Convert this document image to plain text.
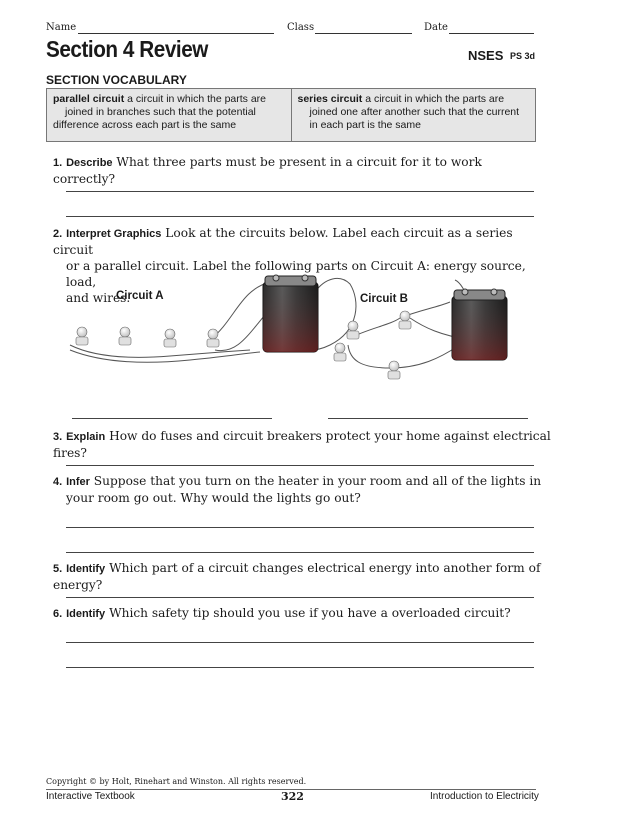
Name	Class	Date
Section 4 Review	NSES PS 3d
SECTION VOCABULARY
parallel circuit a circuit in which the parts are
joined in branches such that the potential
difference across each part is the same
series circuit a circuit in which the parts are
joined one after another such that the current
in each part is the same
1. Describe What three parts must be present in a circuit for it to work correctly?
2. Interpret Graphics Look at the circuits below. Label each circuit as a series circuit
or a parallel circuit. Label the following parts on Circuit A: energy source, load,
and wires.
Circuit A	Circuit B
3. Explain How do fuses and circuit breakers protect your home against electrical fires?
4. Infer Suppose that you turn on the heater in your room and all of the lights in
your room go out. Why would the lights go out?
5. Identify Which part of a circuit changes electrical energy into another form of energy?
6. Identify Which safety tip should you use if you have a overloaded circuit?
Copyright © by Holt, Rinehart and Winston. All rights reserved.
Interactive Textbook	322	Introduction to Electricity
